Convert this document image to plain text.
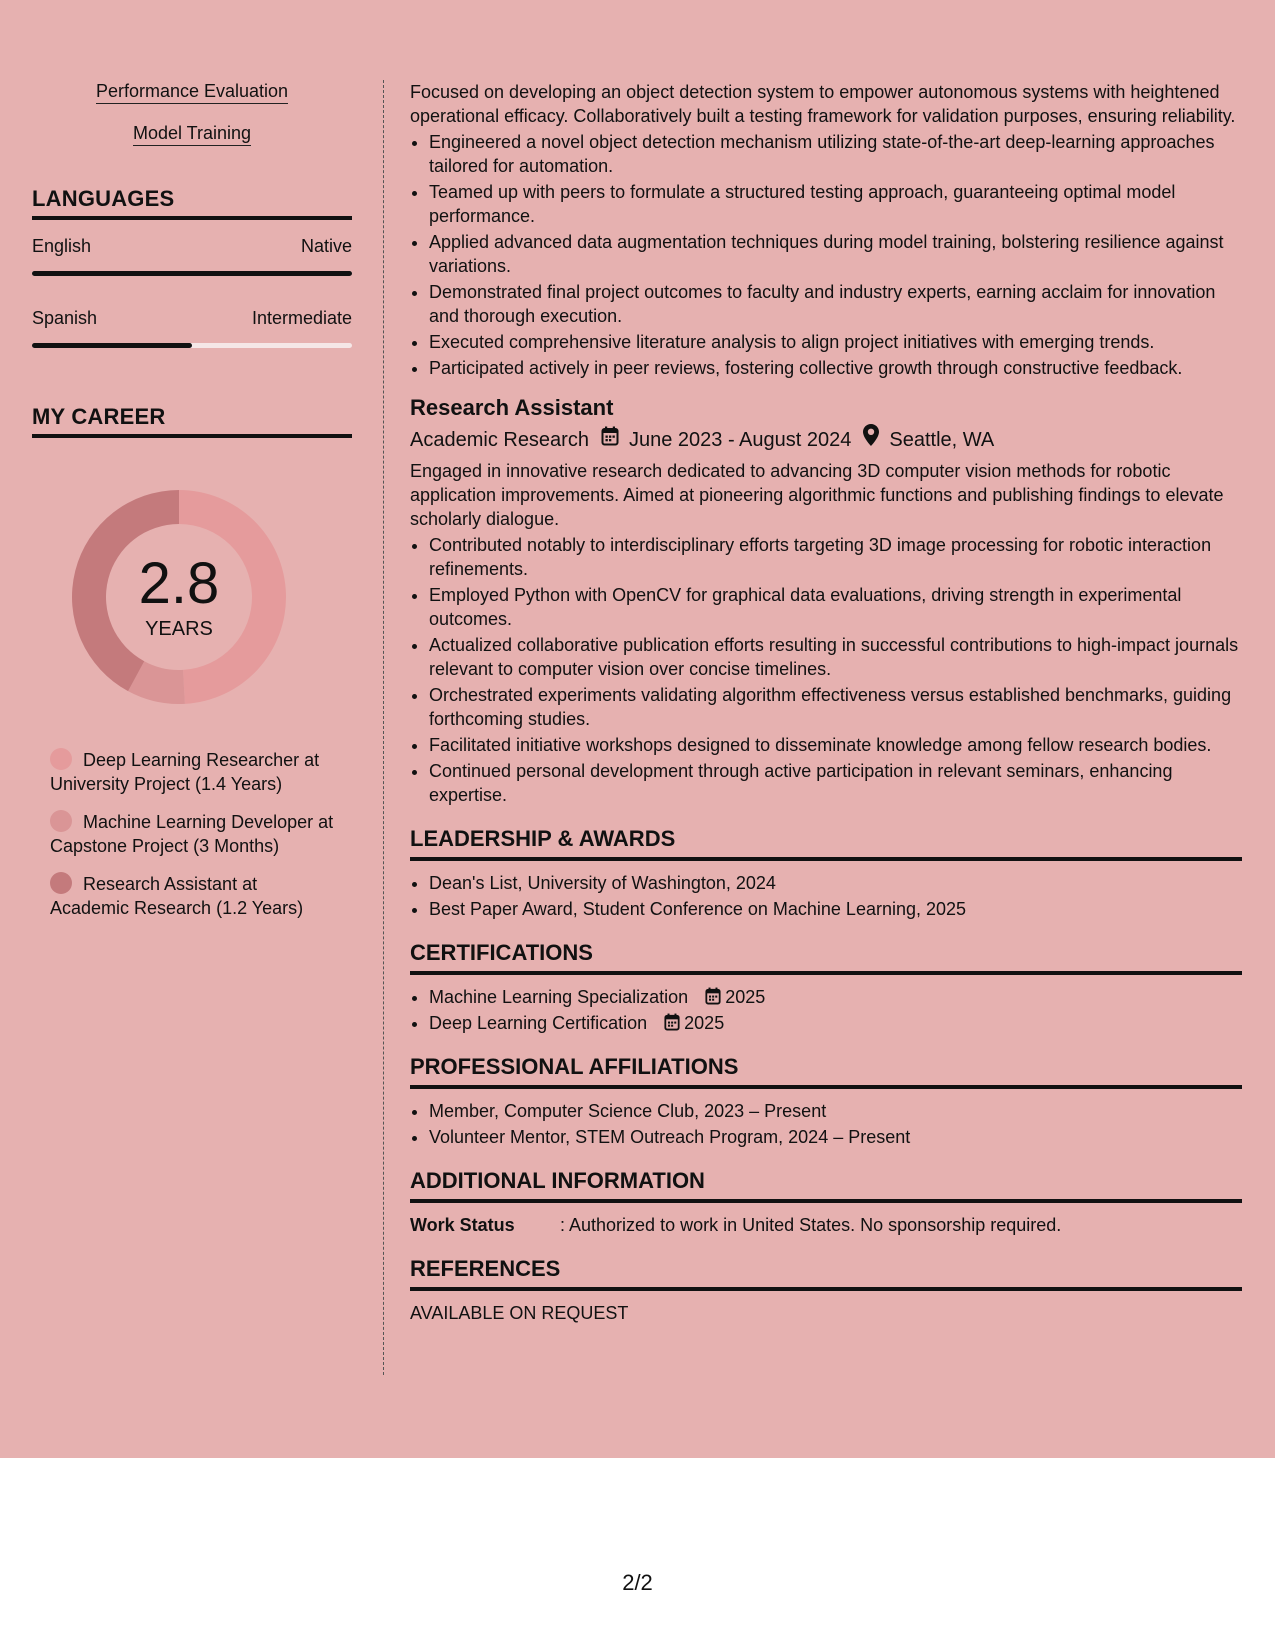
Performance Evaluation
Model Training
LANGUAGES
English	Native
Spanish	Intermediate
MY CAREER
2.8
YEARS
Deep Learning Researcher at University Project (1.4 Years)
Machine Learning Developer at Capstone Project (3 Months)
Research Assistant at Academic Research (1.2 Years)

Focused on developing an object detection system to empower autonomous systems with heightened operational efficacy. Collaboratively built a testing framework for validation purposes, ensuring reliability.

• Engineered a novel object detection mechanism utilizing state-of-the-art deep-learning approaches tailored for automation.
• Teamed up with peers to formulate a structured testing approach, guaranteeing optimal model performance.
• Applied advanced data augmentation techniques during model training, bolstering resilience against variations.
• Demonstrated final project outcomes to faculty and industry experts, earning acclaim for innovation and thorough execution.
• Executed comprehensive literature analysis to align project initiatives with emerging trends.
• Participated actively in peer reviews, fostering collective growth through constructive feedback.
Research Assistant
Academic Research June 2023 - August 2024 Seattle, WA

Engaged in innovative research dedicated to advancing 3D computer vision methods for robotic application improvements. Aimed at pioneering algorithmic functions and publishing findings to elevate scholarly dialogue.

• Contributed notably to interdisciplinary efforts targeting 3D image processing for robotic interaction refinements.
• Employed Python with OpenCV for graphical data evaluations, driving strength in experimental outcomes.
• Actualized collaborative publication efforts resulting in successful contributions to high-impact journals relevant to computer vision over concise timelines.
• Orchestrated experiments validating algorithm effectiveness versus established benchmarks, guiding forthcoming studies.
• Facilitated initiative workshops designed to disseminate knowledge among fellow research bodies.
• Continued personal development through active participation in relevant seminars, enhancing expertise.
LEADERSHIP & AWARDS
• Dean's List, University of Washington, 2024
• Best Paper Award, Student Conference on Machine Learning, 2025
CERTIFICATIONS
• Machine Learning Specialization 2025
• Deep Learning Certification 2025
PROFESSIONAL AFFILIATIONS
• Member, Computer Science Club, 2023 – Present
• Volunteer Mentor, STEM Outreach Program, 2024 – Present
ADDITIONAL INFORMATION
Work Status	: Authorized to work in United States. No sponsorship required.
REFERENCES
AVAILABLE ON REQUEST
2/2
